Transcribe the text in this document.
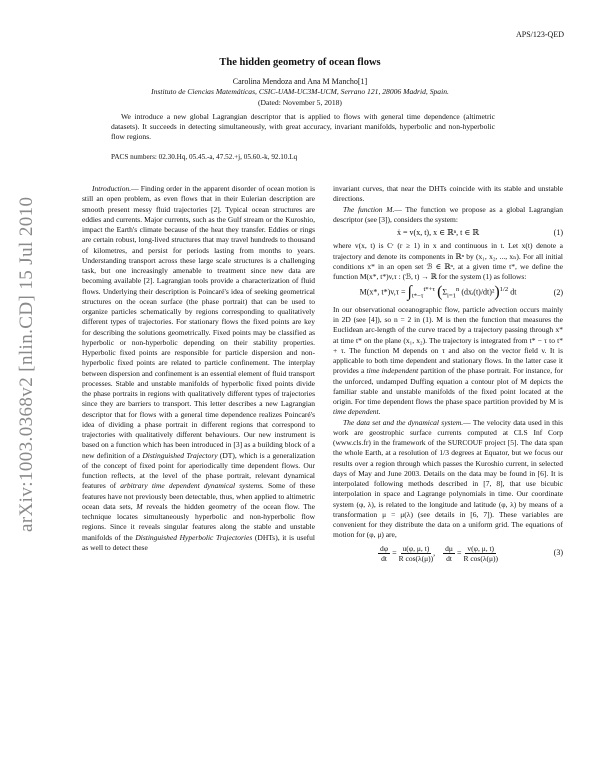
APS/123-QED
arXiv:1003.0368v2 [nlin.CD] 15 Jul 2010
The hidden geometry of ocean flows
Carolina Mendoza and Ana M Mancho[1]
Instituto de Ciencias Matemáticas, CSIC-UAM-UC3M-UCM, Serrano 121, 28006 Madrid, Spain.
(Dated: November 5, 2018)
We introduce a new global Lagrangian descriptor that is applied to flows with general time dependence (altimetric datasets). It succeeds in detecting simultaneously, with great accuracy, invariant manifolds, hyperbolic and non-hyperbolic flow regions.
PACS numbers: 02.30.Hq, 05.45.-a, 47.52.+j, 05.60.-k, 92.10.Lq

Introduction.— Finding order in the apparent disorder of ocean motion is still an open problem, as even flows that in their Eulerian description are smooth present messy fluid trajectories [2]. Typical ocean structures are eddies and currents. Major currents, such as the Gulf stream or the Kuroshio, impact the Earth's climate because of the heat they transfer. Eddies or rings are certain robust, long-lived structures that may travel hundreds to thousand of kilometres, and persist for periods lasting from months to years. Understanding transport across these large scale structures is a challenging task, but one increasingly amenable to treatment since new data are becoming available [2]. Lagrangian tools provide a characterization of fluid flows. Underlying their description is Poincaré's idea of seeking geometrical structures on the ocean surface (the phase portrait) that can be used to organize particles schematically by regions corresponding to qualitatively different types of trajectories. For stationary flows the fixed points are key for describing the solutions geometrically. Fixed points may be classified as hyperbolic or non-hyperbolic depending on their stability properties. Hyperbolic fixed points are responsible for particle dispersion and non-hyperbolic fixed points are related to particle confinement. The interplay between dispersion and confinement is an essential element of fluid transport processes. Stable and unstable manifolds of hyperbolic fixed points divide the phase portraits in regions with qualitatively different types of trajectories since they are barriers to transport. This letter describes a new Lagrangian descriptor that for flows with a general time dependence realizes Poincaré's idea of dividing a phase portrait in different regions that correspond to trajectories with qualitatively different behaviours. Our new instrument is based on a function which has been introduced in [3] as a building block of a new definition of a Distinguished Trajectory (DT), which is a generalization of the concept of fixed point for aperiodically time dependent flows. Our function reflects, at the level of the phase portrait, relevant dynamical features of arbitrary time dependent dynamical systems. Some of these features have not previously been detectable, thus, when applied to altimetric ocean data sets, M reveals the hidden geometry of the ocean flow. The technique locates simultaneously hyperbolic and non-hyperbolic flow regions. Since it reveals singular features along the stable and unstable manifolds of the Distinguished Hyperbolic Trajectories (DHTs), it is useful as well to detect these

invariant curves, that near the DHTs coincide with its stable and unstable directions.

The function M.— The function we propose as a global Lagrangian descriptor (see [3]), considers the system:

ẋ = v(x, t), x ∈ ℝⁿ, t ∈ ℝ	(1)

where v(x, t) is Cʳ (r ≥ 1) in x and continuous in t. Let x(t) denote a trajectory and denote its components in ℝⁿ by (x₁, x₂, ..., xₙ). For all initial conditions x* in an open set ℬ ∈ ℝⁿ, at a given time t*, we define the function M(x*, t*)v,τ : (ℬ, t) → ℝ for the system (1) as follows:

M(x*, $t*)v,\tau = \int_{t*-\tau}^{t*+\tau}$ ($\Sigma_{i=1}^n$ (dxᵢ(t)/dt)²)$^{1/2}$ dt	(2)

In our observational oceanographic flow, particle advection occurs mainly in 2D (see [4]), so n = 2 in (1). M is then the function that measures the Euclidean arc-length of the curve traced by a trajectory passing through x* at time t* on the plane (x₁, x₂). The trajectory is integrated from t* − τ to t* + τ. The function M depends on τ and also on the vector field v. It is applicable to both time dependent and stationary flows. In the latter case it provides a time independent partition of the phase portrait. For instance, for the unforced, undamped Duffing equation a contour plot of M depicts the familiar stable and unstable manifolds of the fixed point located at the origin. For time dependent flows the phase space partition provided by M is time dependent.

The data set and the dynamical system.— The velocity data used in this work are geostrophic surface currents computed at CLS Inf Corp (www.cls.fr) in the framework of the SURCOUF project [5]. The data span the whole Earth, at a resolution of 1/3 degrees at Equator, but we focus our results over a region through which passes the Kuroshio current, in selected days of May and June 2003. Details on the data may be found in [6]. It is interpolated following methods described in [7, 8], that use bicubic interpolation in space and Lagrange polynomials in time. Our coordinate system (φ, λ), is related to the longitude and latitude (φ, λ) by means of a transformation μ = μ(λ) (see details in [6, 7]). These variables are convenient for they distribute the data on a uniform grid. The equations of motion for (φ, μ) are,

$\frac{d\varphi}{dt} = \frac{u(\varphi, \mu, t)}{\text{R cos(λ(μ))}}$ , $\frac{d\mu}{dt} = \frac{v(\varphi, \mu, t)}{\text{R cos(λ(μ))}}$	(3)
